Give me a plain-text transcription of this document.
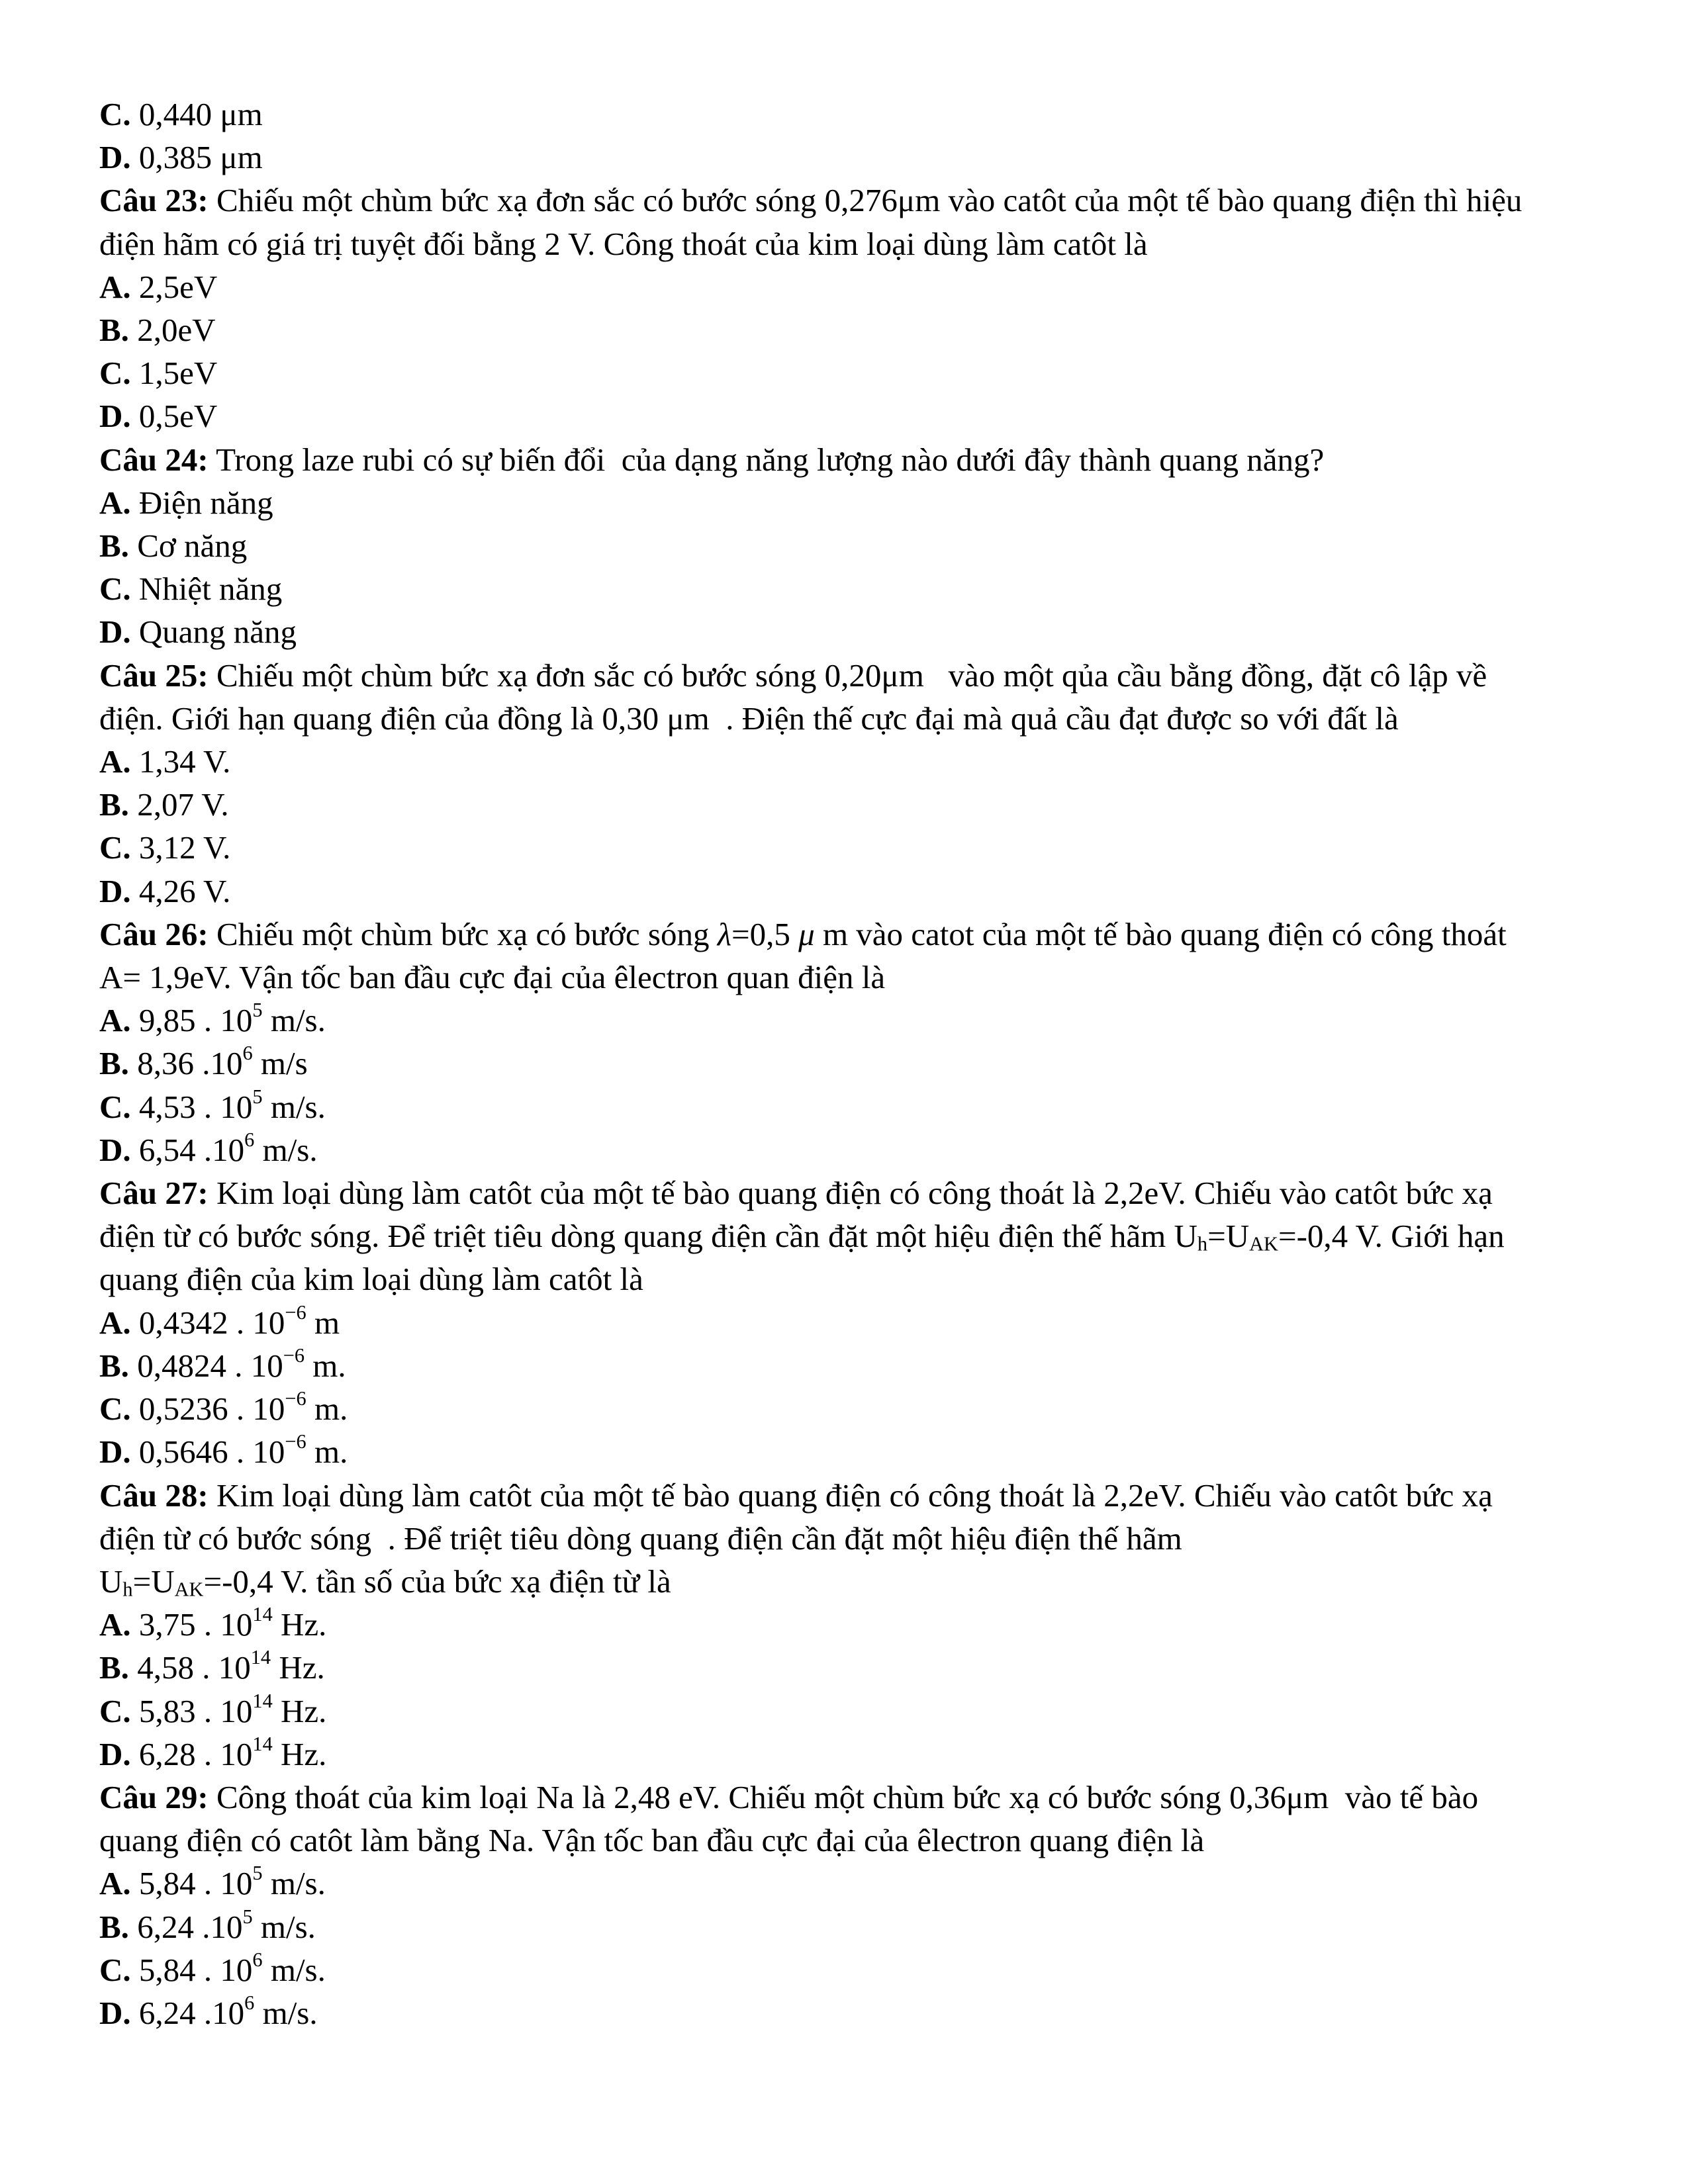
C. 0,440 μm
D. 0,385 μm
Câu 23: Chiếu một chùm bức xạ đơn sắc có bước sóng 0,276μm vào catôt của một tế bào quang điện thì hiệu
điện hãm có giá trị tuyệt đối bằng 2 V. Công thoát của kim loại dùng làm catôt là
A. 2,5eV
B. 2,0eV
C. 1,5eV
D. 0,5eV
Câu 24: Trong laze rubi có sự biến đổi  của dạng năng lượng nào dưới đây thành quang năng?
A. Điện năng
B. Cơ năng
C. Nhiệt năng
D. Quang năng
Câu 25: Chiếu một chùm bức xạ đơn sắc có bước sóng 0,20μm   vào một qủa cầu bằng đồng, đặt cô lập về
điện. Giới hạn quang điện của đồng là 0,30 μm  . Điện thế cực đại mà quả cầu đạt được so với đất là
A. 1,34 V.
B. 2,07 V.
C. 3,12 V.
D. 4,26 V.
Câu 26: Chiếu một chùm bức xạ có bước sóng λ=0,5 μ m vào catot của một tế bào quang điện có công thoát
A= 1,9eV. Vận tốc ban đầu cực đại của êlectron quan điện là
A. 9,85 . $10^5$ m/s.
B. 8,36 $.10^6$ m/s
C. 4,53 . $10^5$ m/s.
D. 6,54 $.10^6$ m/s.
Câu 27: Kim loại dùng làm catôt của một tế bào quang điện có công thoát là 2,2eV. Chiếu vào catôt bức xạ
điện từ có bước sóng. Để triệt tiêu dòng quang điện cần đặt một hiệu điện thế hãm $U_h=U_{AK}=-0,4$ V. Giới hạn
quang điện của kim loại dùng làm catôt là
A. 0,4342 . $10^{-6}$ m
B. 0,4824 . $10^{-6}$ m.
C. 0,5236 . $10^{-6}$ m.
D. 0,5646 . $10^{-6}$ m.
Câu 28: Kim loại dùng làm catôt của một tế bào quang điện có công thoát là 2,2eV. Chiếu vào catôt bức xạ
điện từ có bước sóng  . Để triệt tiêu dòng quang điện cần đặt một hiệu điện thế hãm
$U_h=U_{AK}=-0,4$ V. tần số của bức xạ điện từ là
A. 3,75 . $10^{14}$ Hz.
B. 4,58 . $10^{14}$ Hz.
C. 5,83 . $10^{14}$ Hz.
D. 6,28 . $10^{14}$ Hz.
Câu 29: Công thoát của kim loại Na là 2,48 eV. Chiếu một chùm bức xạ có bước sóng 0,36μm  vào tế bào
quang điện có catôt làm bằng Na. Vận tốc ban đầu cực đại của êlectron quang điện là
A. 5,84 . $10^5$ m/s.
B. 6,24 $.10^5$ m/s.
C. 5,84 . $10^6$ m/s.
D. 6,24 $.10^6$ m/s.
